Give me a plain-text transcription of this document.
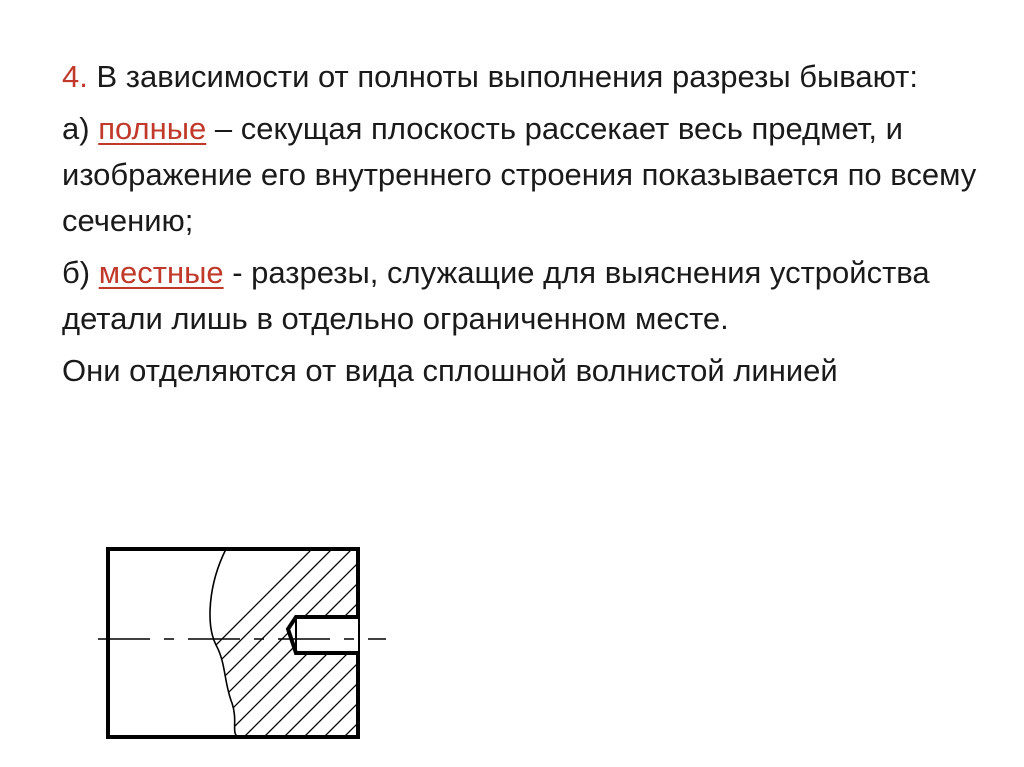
4. В зависимости от полноты выполнения разрезы бывают:

а) полные – секущая плоскость рассекает весь предмет, и изображение его внутреннего строения показывается по всему сечению;

б) местные - разрезы, служащие для выяснения устройства детали лишь в отдельно ограниченном месте.

Они отделяются от вида сплошной волнистой линией
